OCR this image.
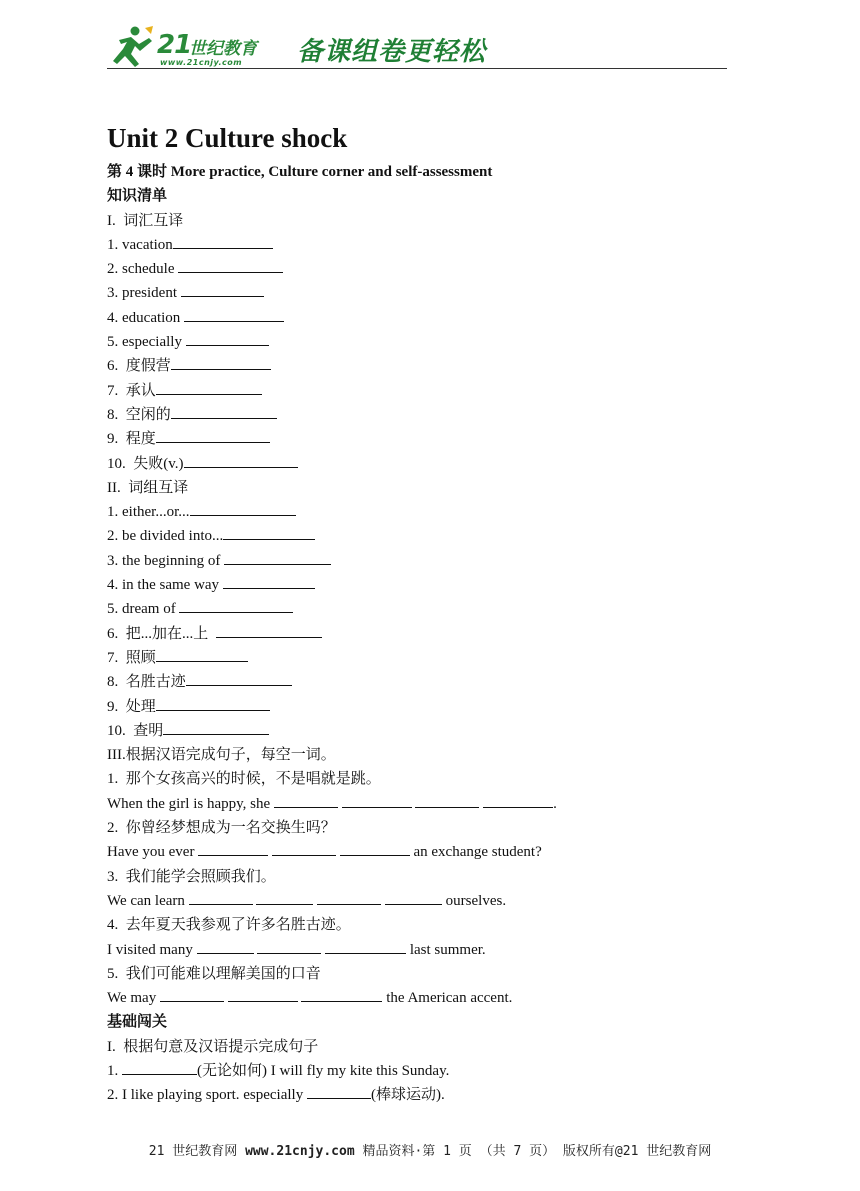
21
世纪教育
www.21cnjy.com 备课组卷更轻松
Unit 2 Culture shock
第 4 课时 More practice, Culture corner and self-assessment
知识清单
I.  词汇互译
1. vacation
2. schedule
3. president
4. education
5. especially
6.  度假营
7.  承认
8.  空闲的
9.  程度
10.  失败(v.)
II.  词组互译
1. either...or...
2. be divided into...
3. the beginning of
4. in the same way
5. dream of
6.  把...加在...上
7.  照顾
8.  名胜古迹
9.  处理
10.  查明
III.根据汉语完成句子，每空一词。
1.  那个女孩高兴的时候，不是唱就是跳。
When the girl is happy, she	.
2.  你曾经梦想成为一名交换生吗？
Have you ever	an exchange student?
3.  我们能学会照顾我们。
We can learn	ourselves.
4.  去年夏天我参观了许多名胜古迹。
I visited many	last summer.
5.  我们可能难以理解美国的口音
We may	the American accent.
基础闯关
I.  根据句意及汉语提示完成句子
1.	(无论如何) I will fly my kite this Sunday.
2. I like playing sport. especially	(棒球运动).
21 世纪教育网 www.21cnjy.com 精品资料·第 1 页 （共 7 页） 版权所有@21 世纪教育网
